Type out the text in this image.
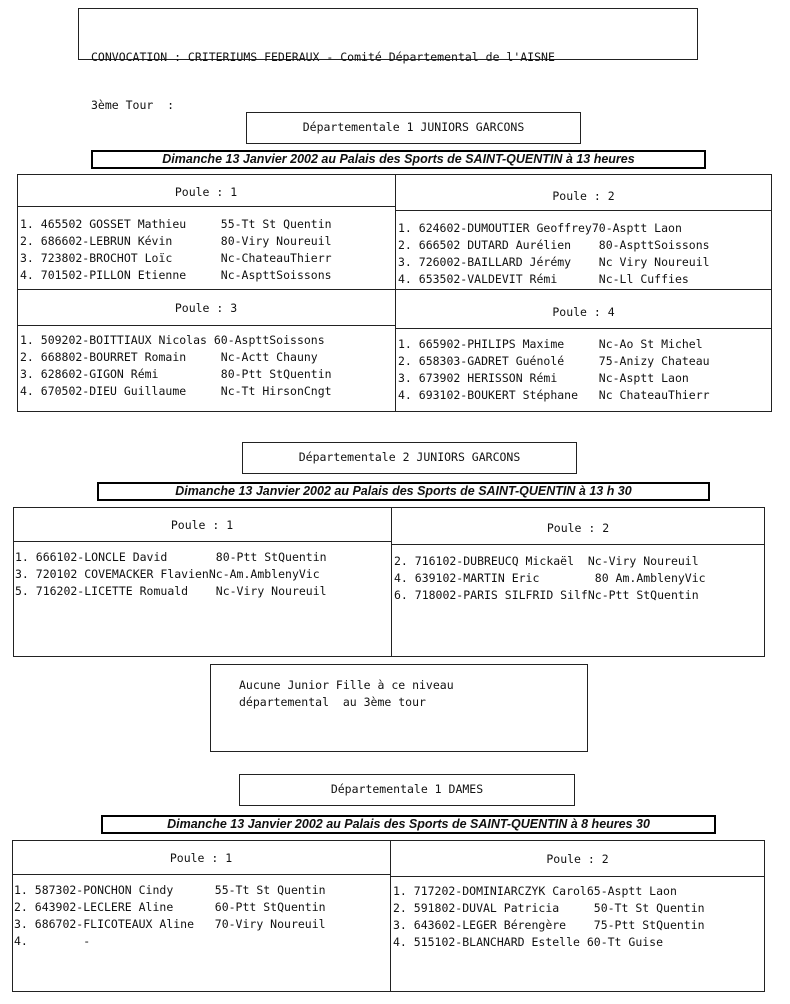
CONVOCATION : CRITERIUMS FEDERAUX - Comité Départemental de l'AISNE

3ème Tour  :

Départementale 1 JUNIORS GARCONS
Dimanche 13 Janvier 2002 au Palais des Sports de SAINT-QUENTIN à 13 heures
Poule : 1	Poule : 2
Poule : 3	Poule : 4
1. 465502 GOSSET Mathieu     55-Tt St Quentin
2. 686602-LEBRUN Kévin       80-Viry Noureuil
3. 723802-BROCHOT Loïc       Nc-ChateauThierr
4. 701502-PILLON Etienne     Nc-AspttSoissons
1. 624602-DUMOUTIER Geoffrey70-Asptt Laon
2. 666502 DUTARD Aurélien    80-AspttSoissons
3. 726002-BAILLARD Jérémy    Nc Viry Noureuil
4. 653502-VALDEVIT Rémi      Nc-Ll Cuffies
1. 509202-BOITTIAUX Nicolas 60-AspttSoissons
2. 668802-BOURRET Romain     Nc-Actt Chauny
3. 628602-GIGON Rémi         80-Ptt StQuentin
4. 670502-DIEU Guillaume     Nc-Tt HirsonCngt
1. 665902-PHILIPS Maxime     Nc-Ao St Michel
2. 658303-GADRET Guénolé     75-Anizy Chateau
3. 673902 HERISSON Rémi      Nc-Asptt Laon
4. 693102-BOUKERT Stéphane   Nc ChateauThierr
Départementale 2 JUNIORS GARCONS
Dimanche 13 Janvier 2002 au Palais des Sports de SAINT-QUENTIN à 13 h 30
Poule : 1	Poule : 2
1. 666102-LONCLE David       80-Ptt StQuentin
3. 720102 COVEMACKER FlavienNc-Am.AmblenyVic
5. 716202-LICETTE Romuald    Nc-Viry Noureuil
2. 716102-DUBREUCQ Mickaël  Nc-Viry Noureuil
4. 639102-MARTIN Eric        80 Am.AmblenyVic
6. 718002-PARIS SILFRID SilfNc-Ptt StQuentin
Aucune Junior Fille à ce niveau
départemental  au 3ème tour
Départementale 1 DAMES
Dimanche 13 Janvier 2002 au Palais des Sports de SAINT-QUENTIN à 8 heures 30
Poule : 1	Poule : 2
1. 587302-PONCHON Cindy      55-Tt St Quentin
2. 643902-LECLERE Aline      60-Ptt StQuentin
3. 686702-FLICOTEAUX Aline   70-Viry Noureuil
4.        -
1. 717202-DOMINIARCZYK Carol65-Asptt Laon
2. 591802-DUVAL Patricia     50-Tt St Quentin
3. 643602-LEGER Bérengère    75-Ptt StQuentin
4. 515102-BLANCHARD Estelle 60-Tt Guise
